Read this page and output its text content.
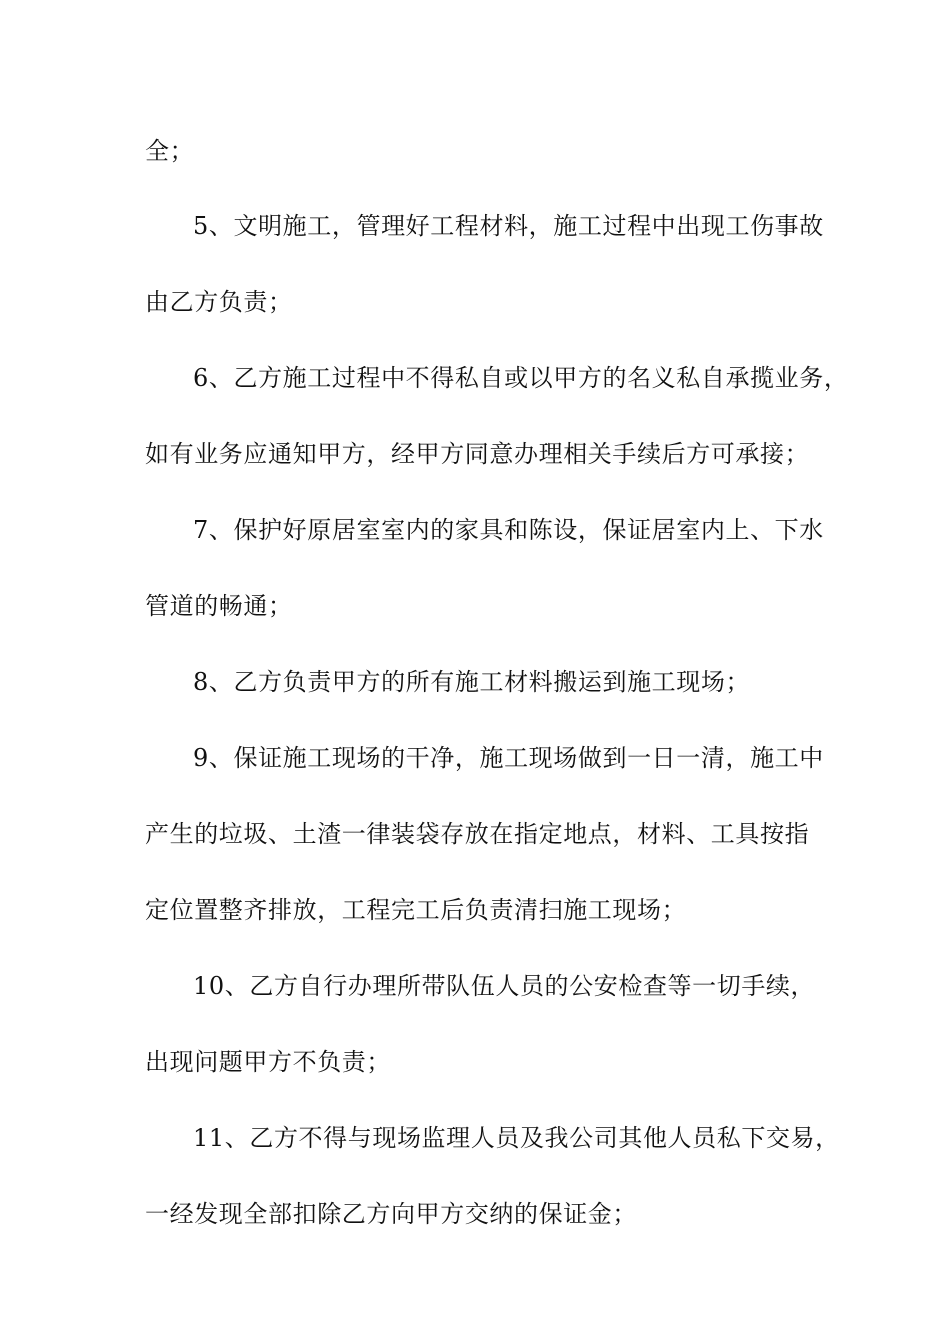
全；
5、文明施工，管理好工程材料，施工过程中出现工伤事故
由乙方负责；
6、乙方施工过程中不得私自或以甲方的名义私自承揽业务，
如有业务应通知甲方，经甲方同意办理相关手续后方可承接；
7、保护好原居室室内的家具和陈设，保证居室内上、下水
管道的畅通；
8、乙方负责甲方的所有施工材料搬运到施工现场；
9、保证施工现场的干净，施工现场做到一日一清，施工中
产生的垃圾、土渣一律装袋存放在指定地点，材料、工具按指
定位置整齐排放，工程完工后负责清扫施工现场；
10、乙方自行办理所带队伍人员的公安检查等一切手续，
出现问题甲方不负责；
11、乙方不得与现场监理人员及我公司其他人员私下交易，
一经发现全部扣除乙方向甲方交纳的保证金；
